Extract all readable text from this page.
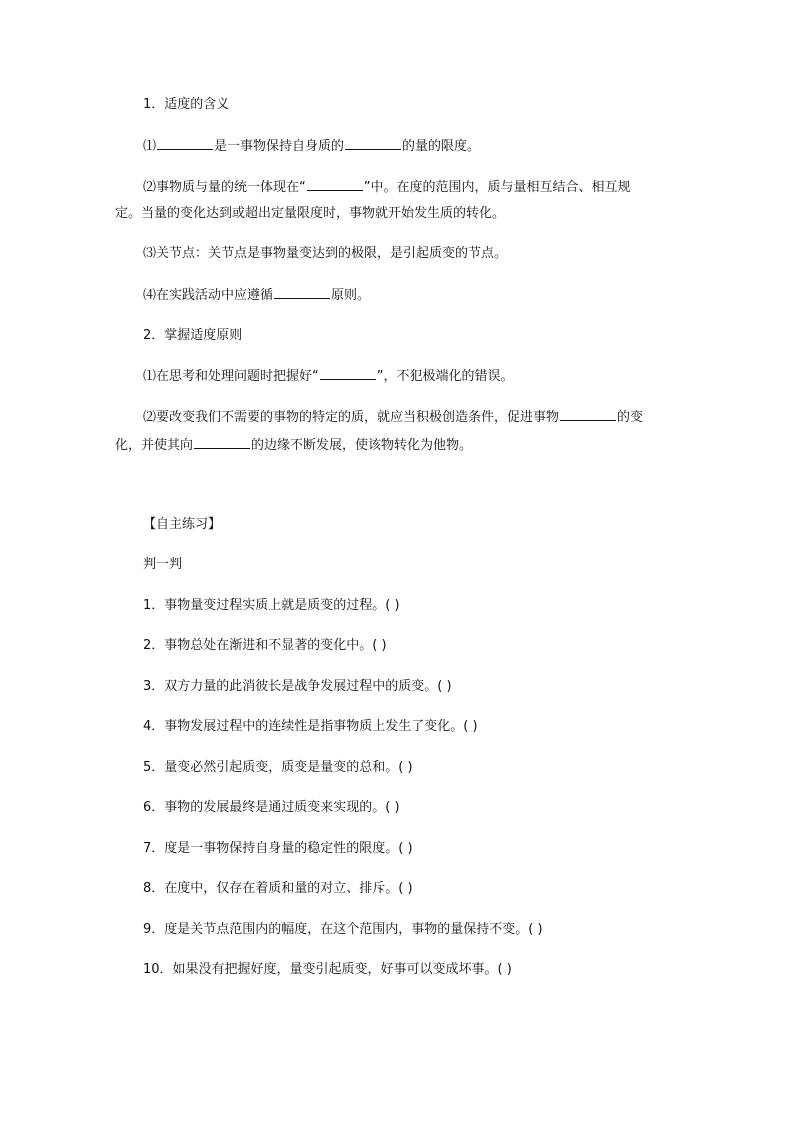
1．适度的含义
⑴	是一事物保持自身质的	的量的限度。
⑵事物质与量的统一体现在“	”中。在度的范围内，质与量相互结合、相互规
定。当量的变化达到或超出定量限度时，事物就开始发生质的转化。
⑶关节点：关节点是事物量变达到的极限，是引起质变的节点。
⑷在实践活动中应遵循	原则。
2．掌握适度原则
⑴在思考和处理问题时把握好“	”，不犯极端化的错误。
⑵要改变我们不需要的事物的特定的质，就应当积极创造条件，促进事物	的变
化，并使其向	的边缘不断发展，使该物转化为他物。
【自主练习】
判一判
1．事物量变过程实质上就是质变的过程。( )
2．事物总处在渐进和不显著的变化中。( )
3．双方力量的此消彼长是战争发展过程中的质变。( )
4．事物发展过程中的连续性是指事物质上发生了变化。( )
5．量变必然引起质变，质变是量变的总和。( )
6．事物的发展最终是通过质变来实现的。( )
7．度是一事物保持自身量的稳定性的限度。( )
8．在度中，仅存在着质和量的对立、排斥。( )
9．度是关节点范围内的幅度，在这个范围内，事物的量保持不变。( )
10．如果没有把握好度，量变引起质变，好事可以变成坏事。( )
